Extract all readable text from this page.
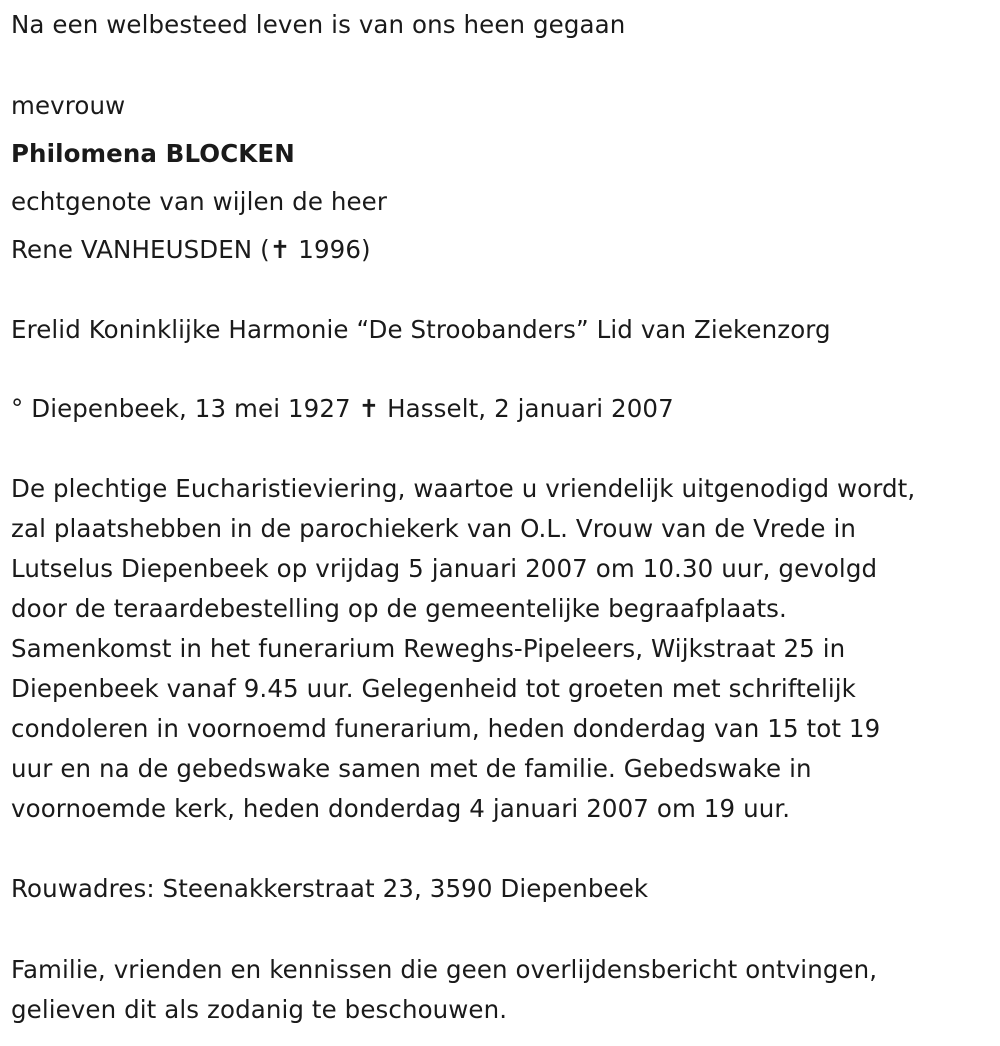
Na een welbesteed leven is van ons heen gegaan
mevrouw
Philomena BLOCKEN
echtgenote van wijlen de heer
Rene VANHEUSDEN (✝ 1996)
Erelid Koninklijke Harmonie “De Stroobanders” Lid van Ziekenzorg
° Diepenbeek, 13 mei 1927 ✝ Hasselt, 2 januari 2007
De plechtige Eucharistieviering, waartoe u vriendelijk uitgenodigd wordt,
zal plaatshebben in de parochiekerk van O.L. Vrouw van de Vrede in
Lutselus Diepenbeek op vrijdag 5 januari 2007 om 10.30 uur, gevolgd
door de teraardebestelling op de gemeentelijke begraafplaats.
Samenkomst in het funerarium Reweghs-Pipeleers, Wijkstraat 25 in
Diepenbeek vanaf 9.45 uur. Gelegenheid tot groeten met schriftelijk
condoleren in voornoemd funerarium, heden donderdag van 15 tot 19
uur en na de gebedswake samen met de familie. Gebedswake in
voornoemde kerk, heden donderdag 4 januari 2007 om 19 uur.
Rouwadres: Steenakkerstraat 23, 3590 Diepenbeek
Familie, vrienden en kennissen die geen overlijdensbericht ontvingen,
gelieven dit als zodanig te beschouwen.
